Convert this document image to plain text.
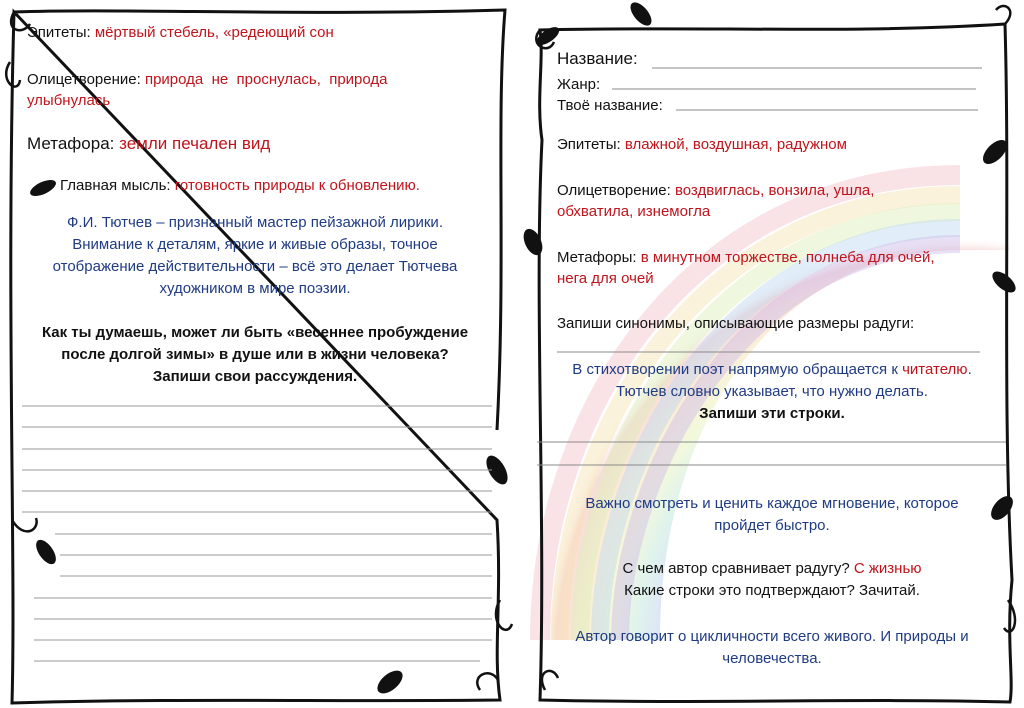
Эпитеты: мёртвый стебель, «редеющий сон
Олицетворение: природа  не  проснулась,  природа
улыбнулась
Метафора: земли печален вид
Главная мысль: готовность природы к обновлению.
Ф.И. Тютчев – признанный мастер пейзажной лирики.
Внимание к деталям, яркие и живые образы, точное
отображение действительности – всё это делает Тютчева
художником в мире поэзии.
Как ты думаешь, может ли быть «весеннее пробуждение
после долгой зимы» в душе или в жизни человека?
Запиши свои рассуждения.
Название:
Жанр:
Твоё название:
Эпитеты: влажной, воздушная, радужном
Олицетворение: воздвиглась, вонзила, ушла,
обхватила, изнемогла
Метафоры: в минутном торжестве, полнеба для очей,
нега для очей
Запиши синонимы, описывающие размеры радуги:
В стихотворении поэт напрямую обращается к читателю.
Тютчев словно указывает, что нужно делать.
Запиши эти строки.
Важно смотреть и ценить каждое мгновение, которое
пройдет быстро.
С чем автор сравнивает радугу? С жизнью
Какие строки это подтверждают? Зачитай.
Автор говорит о цикличности всего живого. И природы и
человечества.
